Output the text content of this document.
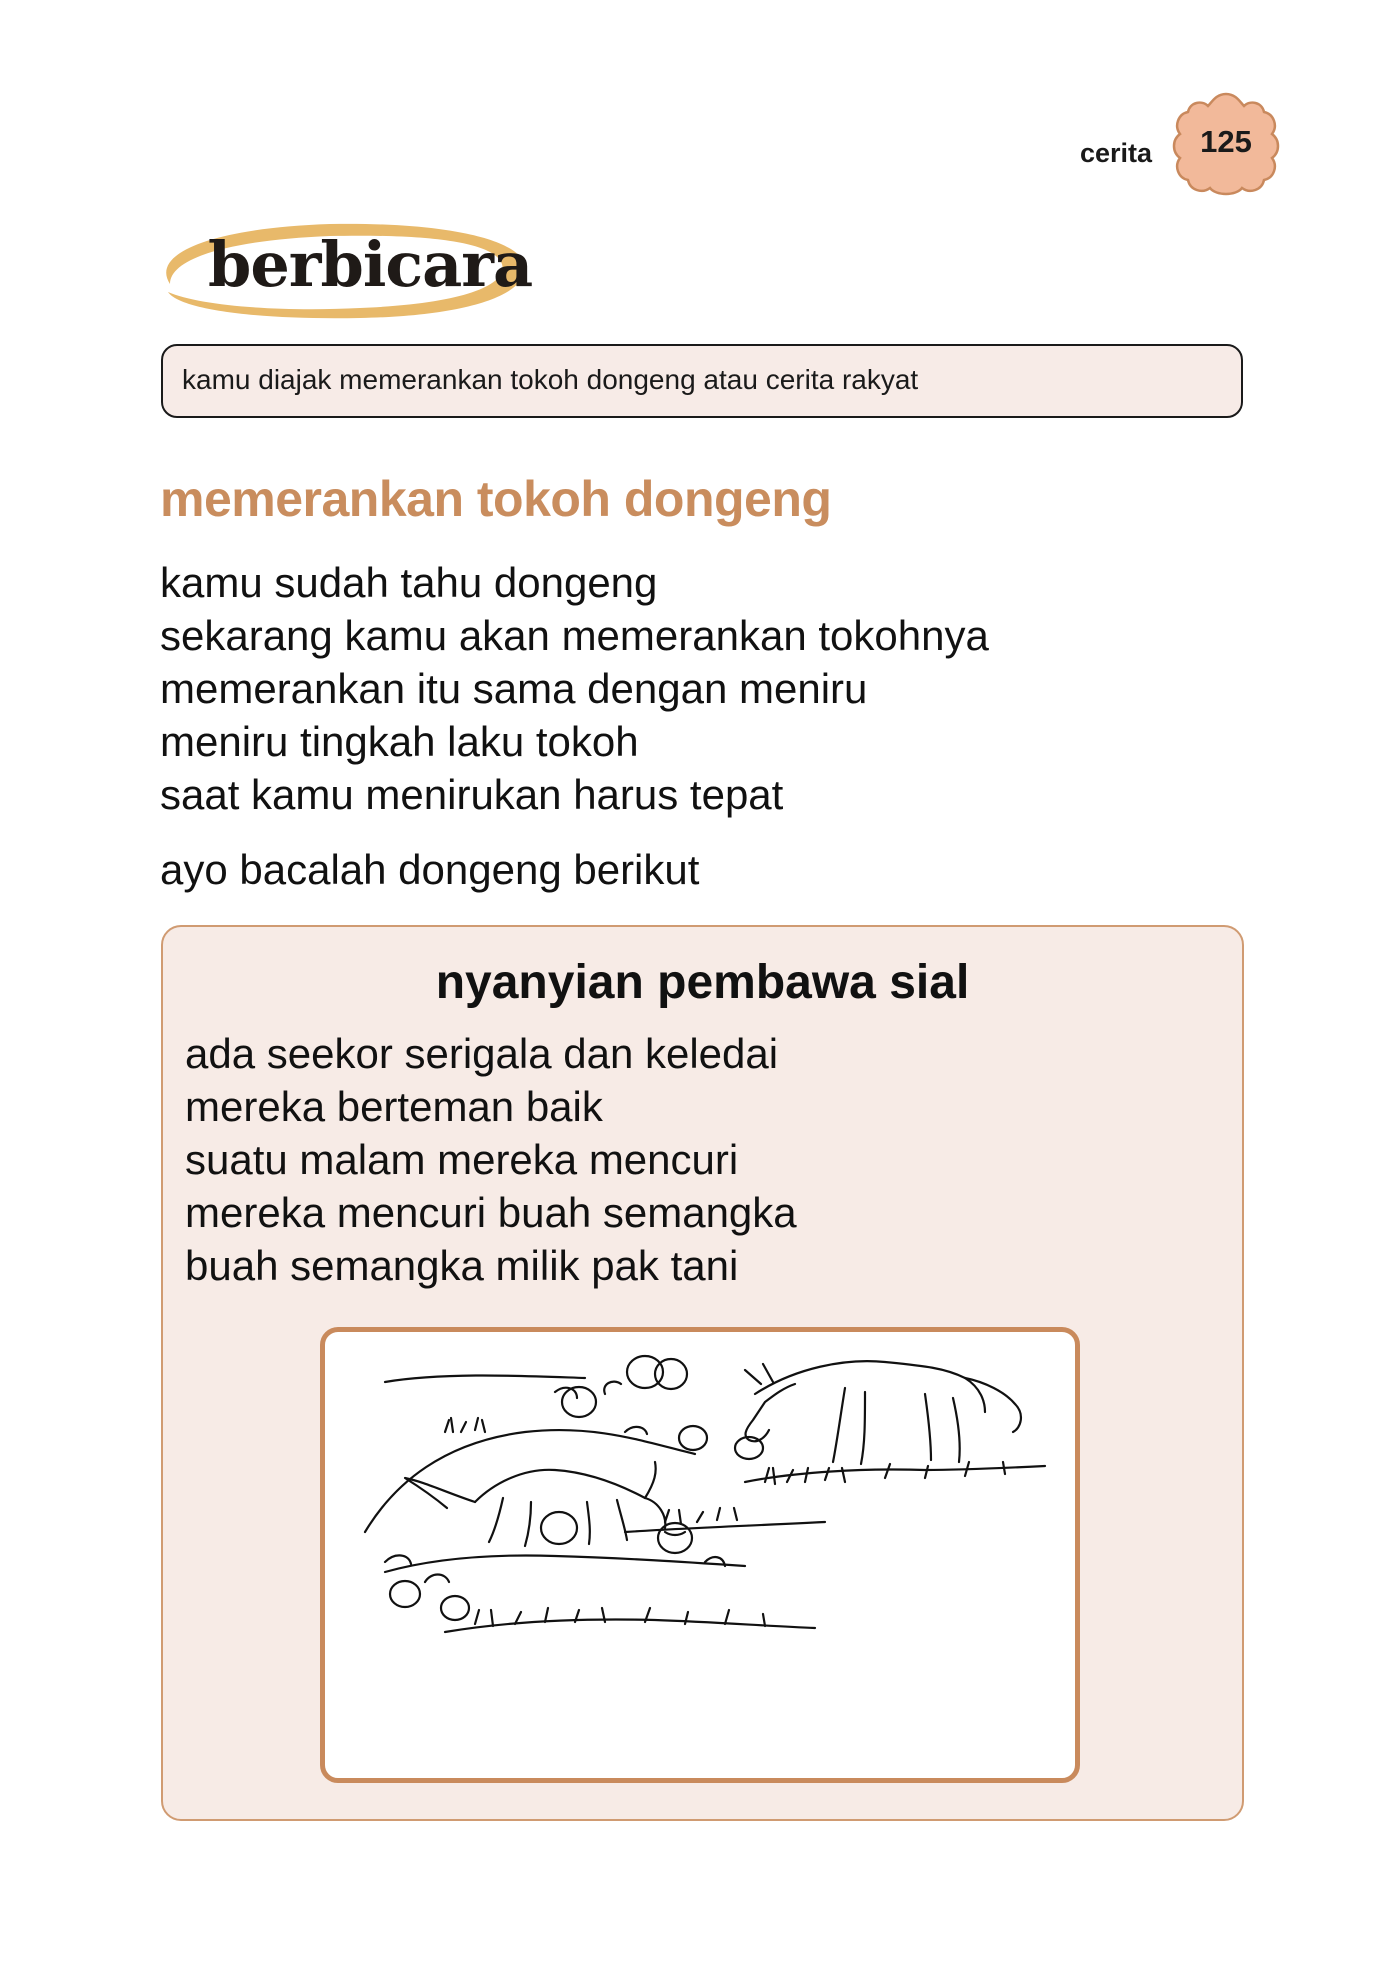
cerita	125
berbicara
kamu diajak memerankan tokoh dongeng atau cerita rakyat
memerankan tokoh dongeng
kamu sudah tahu dongeng
sekarang kamu akan memerankan tokohnya
memerankan itu sama dengan meniru
meniru tingkah laku tokoh
saat kamu menirukan harus tepat
ayo bacalah dongeng berikut
nyanyian pembawa sial
ada seekor serigala dan keledai
mereka berteman baik
suatu malam mereka mencuri
mereka mencuri buah semangka
buah semangka milik pak tani
